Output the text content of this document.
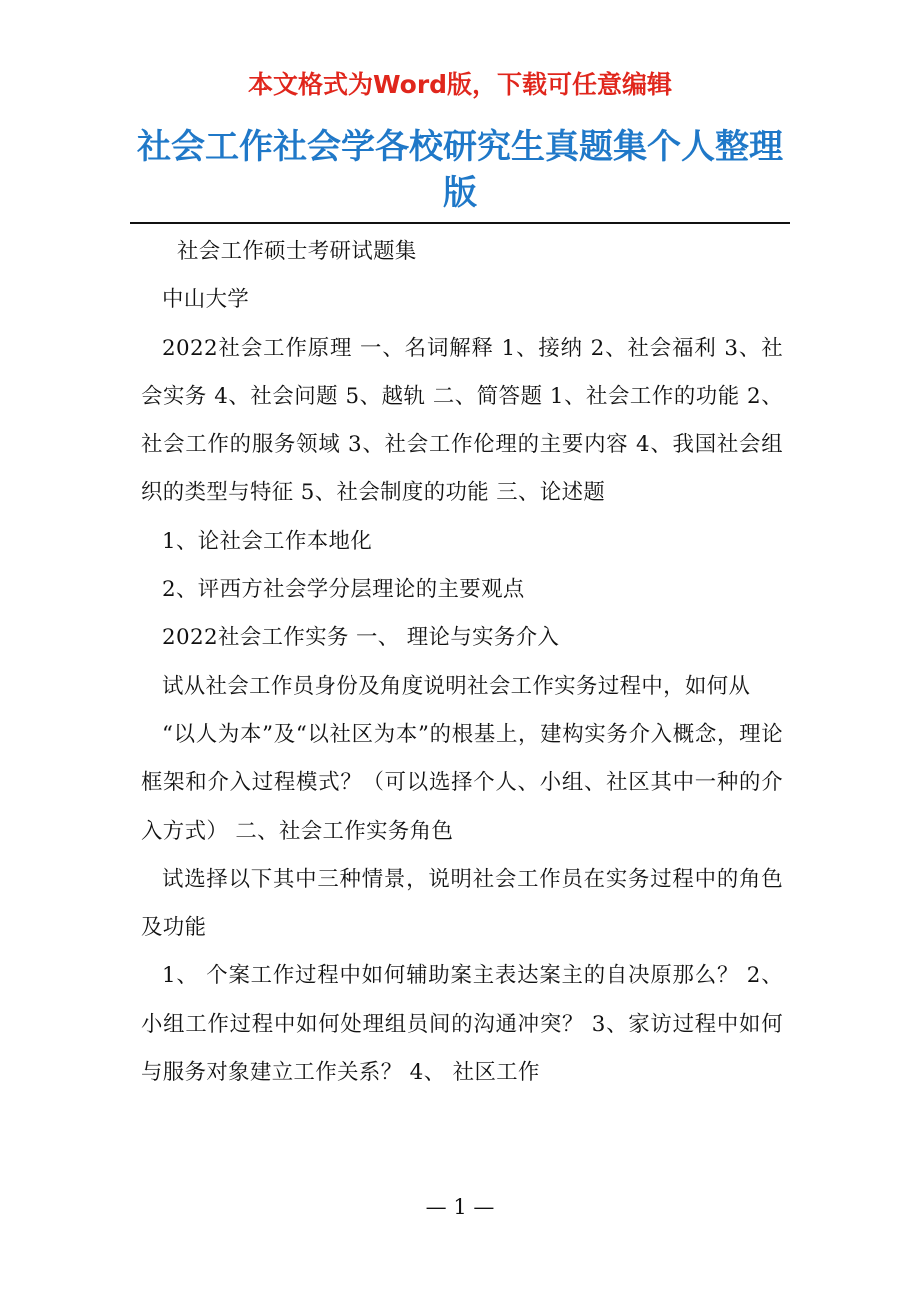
本文格式为Word版，下载可任意编辑
社会工作社会学各校研究生真题集个人整理版

社会工作硕士考研试题集

中山大学

2022社会工作原理 一、名词解释 1、接纳 2、社会福利 3、社会实务 4、社会问题 5、越轨 二、简答题 1、社会工作的功能 2、社会工作的服务领域 3、社会工作伦理的主要内容 4、我国社会组织的类型与特征 5、社会制度的功能 三、论述题

1、论社会工作本地化

2、评西方社会学分层理论的主要观点

2022社会工作实务 一、 理论与实务介入

试从社会工作员身份及角度说明社会工作实务过程中，如何从

“以人为本”及“以社区为本”的根基上，建构实务介入概念，理论框架和介入过程模式？（可以选择个人、小组、社区其中一种的介入方式） 二、社会工作实务角色

试选择以下其中三种情景，说明社会工作员在实务过程中的角色及功能

1、 个案工作过程中如何辅助案主表达案主的自决原那么？ 2、 小组工作过程中如何处理组员间的沟通冲突？ 3、家访过程中如何与服务对象建立工作关系？ 4、 社区工作

— 1 —
